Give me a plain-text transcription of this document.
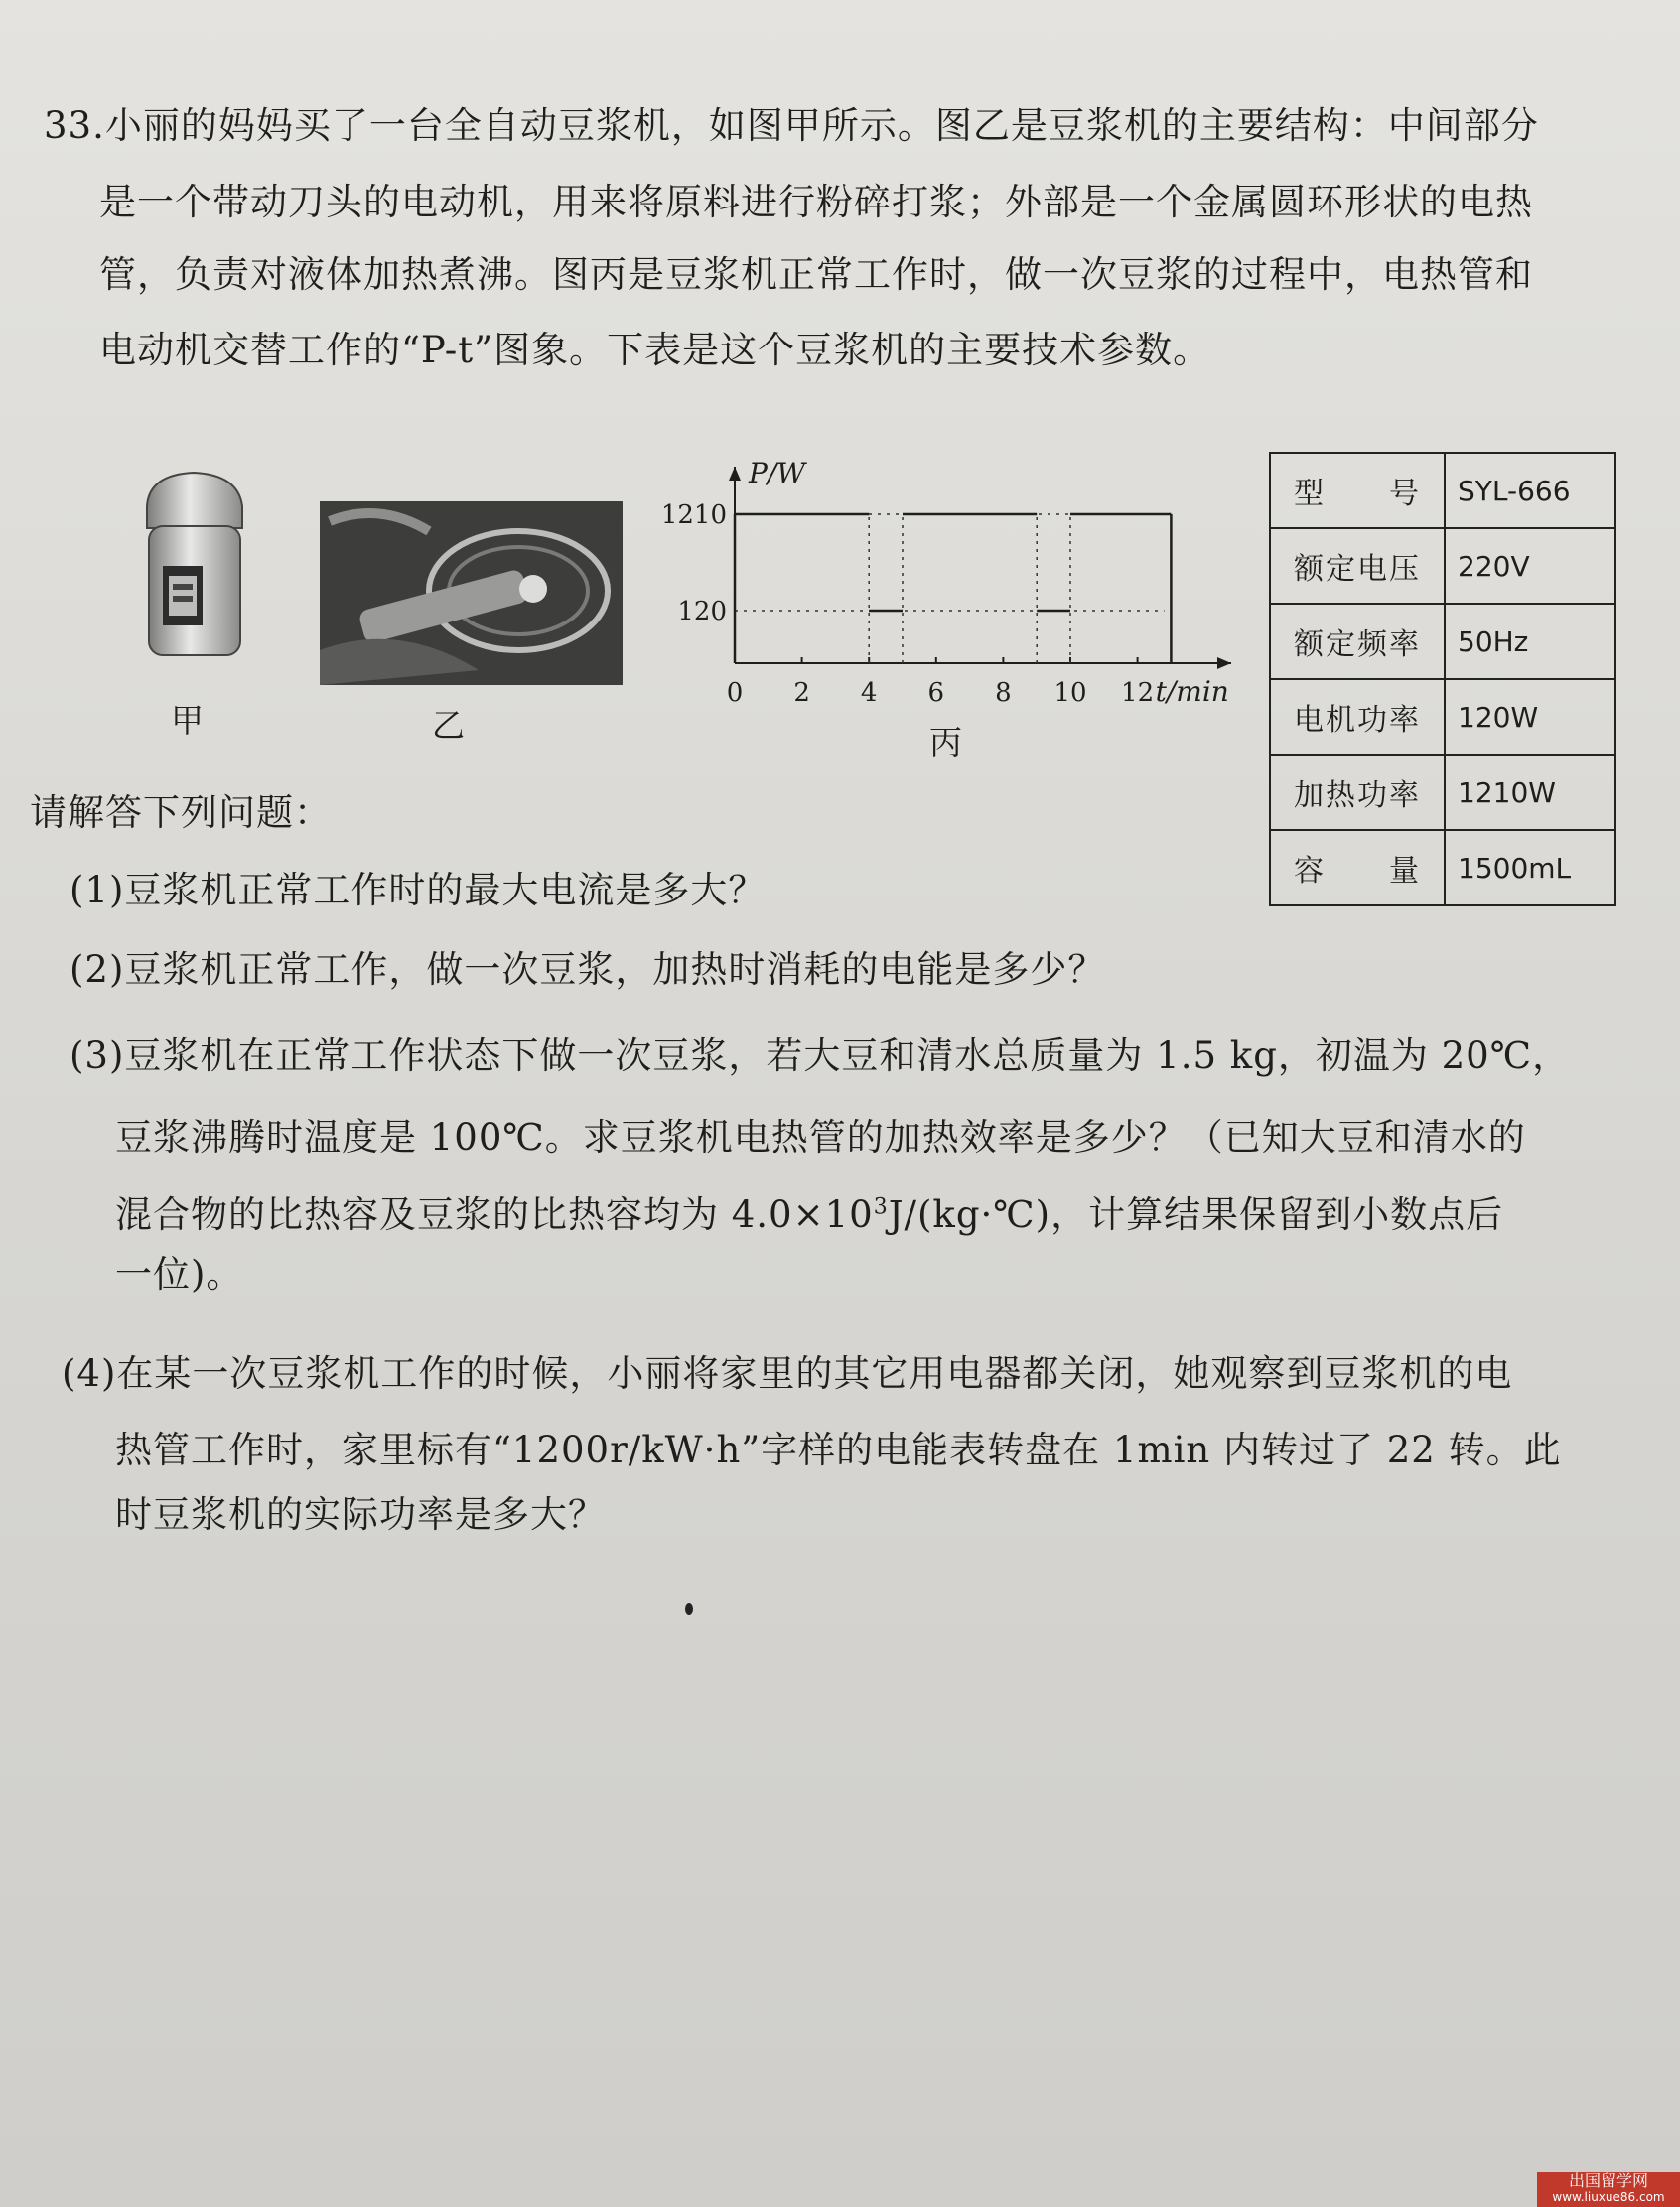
33.小丽的妈妈买了一台全自动豆浆机，如图甲所示。图乙是豆浆机的主要结构：中间部分
是一个带动刀头的电动机，用来将原料进行粉碎打浆；外部是一个金属圆环形状的电热
管，负责对液体加热煮沸。图丙是豆浆机正常工作时，做一次豆浆的过程中，电热管和
电动机交替工作的“P-t”图象。下表是这个豆浆机的主要技术参数。
甲	乙
P/W
t/min
120
1210
0 2 4 6 8 10 12
丙
型　　号	SYL-666
额定电压	220V
额定频率	50Hz
电机功率	120W
加热功率	1210W
容　　量	1500mL
请解答下列问题：
(1)豆浆机正常工作时的最大电流是多大？
(2)豆浆机正常工作，做一次豆浆，加热时消耗的电能是多少？
(3)豆浆机在正常工作状态下做一次豆浆，若大豆和清水总质量为 1.5 kg，初温为 20℃，
豆浆沸腾时温度是 100℃。求豆浆机电热管的加热效率是多少？（已知大豆和清水的
混合物的比热容及豆浆的比热容均为 $4.0\times 10^3J/(kg\cdot℃)$，计算结果保留到小数点后
一位)。
(4)在某一次豆浆机工作的时候，小丽将家里的其它用电器都关闭，她观察到豆浆机的电
热管工作时，家里标有“1200r/kW·h”字样的电能表转盘在 1min 内转过了 22 转。此
时豆浆机的实际功率是多大？
出国留学网
www.liuxue86.com
